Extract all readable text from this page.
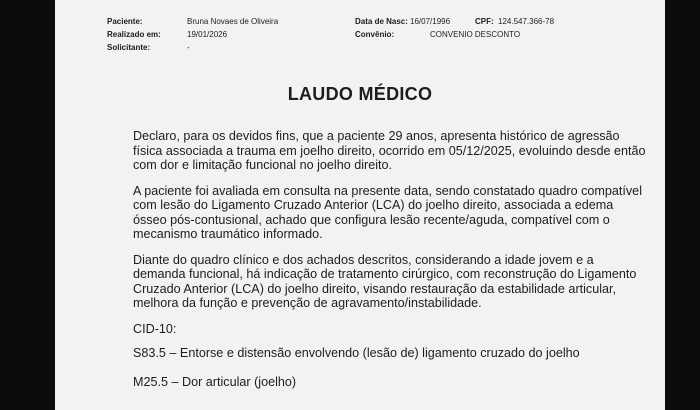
Paciente:	Bruna Novaes de Oliveira
Realizado em:	19/01/2026
Solicitante:	-
Data de Nasc: 16/07/1996	CPF: 124.547.366-78
Convênio:	CONVENIO DESCONTO
LAUDO MÉDICO

Declaro, para os devidos fins, que a paciente 29 anos, apresenta histórico de agressão física associada a trauma em joelho direito, ocorrido em 05/12/2025, evoluindo desde então com dor e limitação funcional no joelho direito.

A paciente foi avaliada em consulta na presente data, sendo constatado quadro compatível com lesão do Ligamento Cruzado Anterior (LCA) do joelho direito, associada a edema ósseo pós-contusional, achado que configura lesão recente/aguda, compatível com o mecanismo traumático informado.

Diante do quadro clínico e dos achados descritos, considerando a idade jovem e a demanda funcional, há indicação de tratamento cirúrgico, com reconstrução do Ligamento Cruzado Anterior (LCA) do joelho direito, visando restauração da estabilidade articular, melhora da função e prevenção de agravamento/instabilidade.

CID-10:

S83.5 – Entorse e distensão envolvendo (lesão de) ligamento cruzado do joelho

M25.5 – Dor articular (joelho)
